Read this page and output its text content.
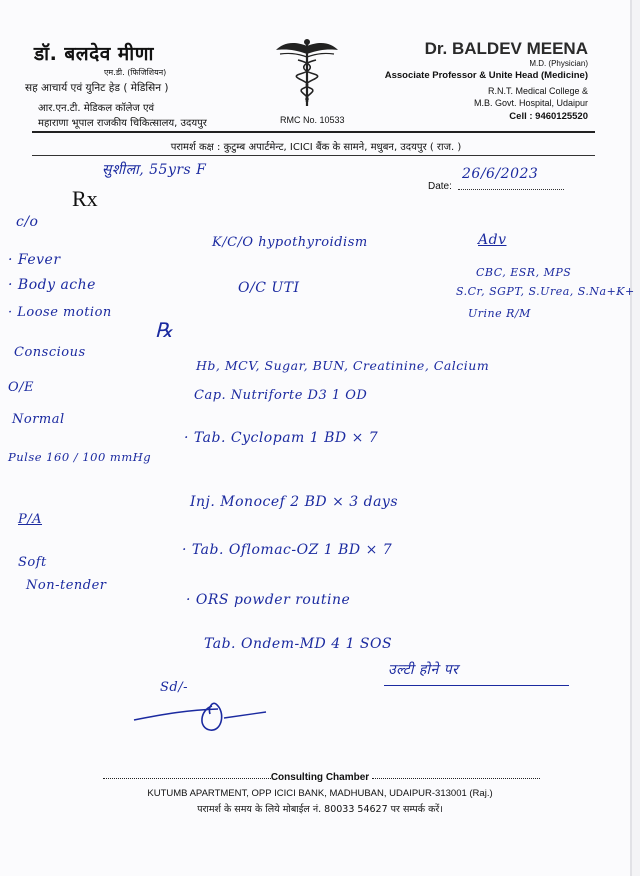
डॉ. बलदेव मीणा
एम.डी. (फिजिशियन)
सह आचार्य एवं युनिट हेड ( मेडिसिन )
आर.एन.टी. मेडिकल कॉलेज एवं
महाराणा भूपाल राजकीय चिकित्सालय, उदयपुर
Dr. BALDEV MEENA
M.D. (Physician)
Associate Professor & Unite Head (Medicine)
R.N.T. Medical College &
M.B. Govt. Hospital, Udaipur
Cell : 9460125520
RMC No. 10533
परामर्श कक्ष : कुटुम्ब अपार्टमेन्ट, ICICI बैंक के सामने, मधुबन, उदयपुर ( राज. )
Date:
Rx
सुशीला, 55yrs F	26/6/2023
c/o
· Fever
· Body ache
· Loose motion
Conscious
O/E
Normal
Pulse 160 / 100 mmHg
P/A
Soft
Non-tender
K/C/O hypothyroidism
O/C UTI
Adv
CBC, ESR, MPS
S.Cr, SGPT, S.Urea, S.Na+K+
Urine R/M
℞
Hb, MCV, Sugar, BUN, Creatinine, Calcium
Cap. Nutriforte D3 1 OD
· Tab. Cyclopam 1 BD × 7
Inj. Monocef 2 BD × 3 days
· Tab. Oflomac-OZ 1 BD × 7
· ORS powder routine
Tab. Ondem-MD 4 1 SOS
उल्टी होने पर
Sd/-
Consulting Chamber
KUTUMB APARTMENT, OPP ICICI BANK, MADHUBAN, UDAIPUR-313001 (Raj.)
परामर्श के समय के लिये मोबाईल नं. 80033 54627 पर सम्पर्क करें।
